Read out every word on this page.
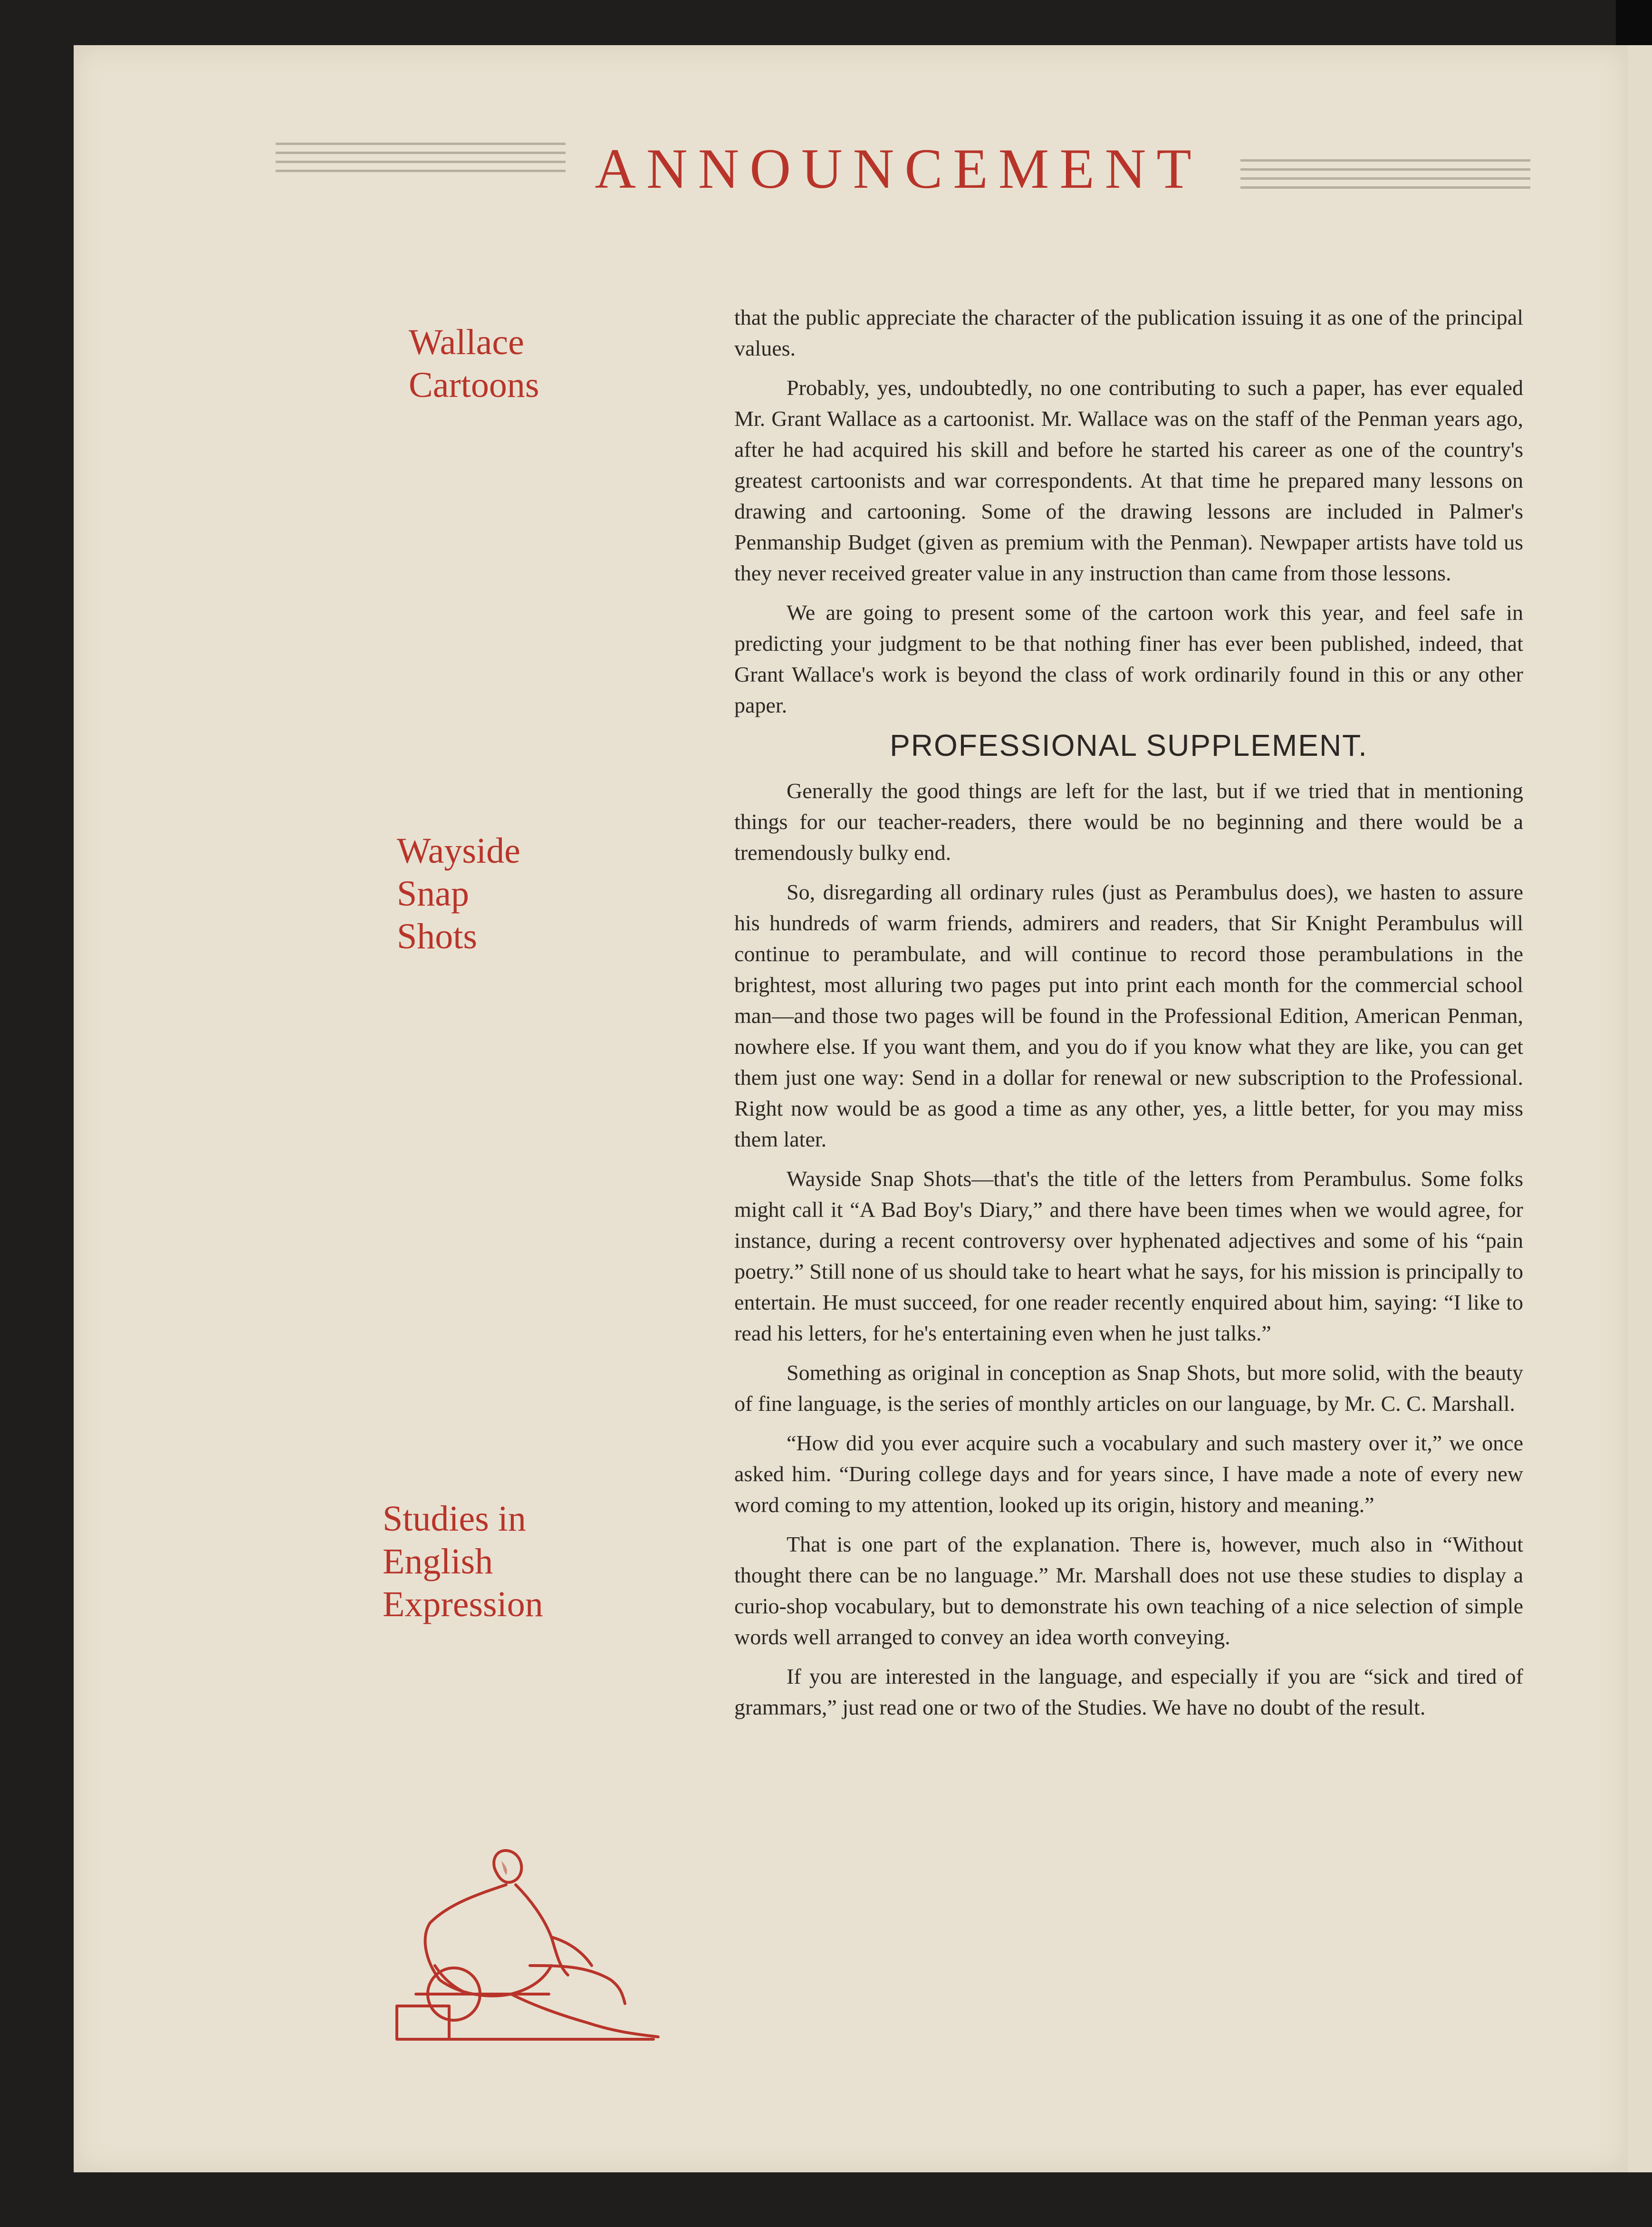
ANNOUNCEMENT
Wallace
Cartoons
Wayside
Snap
Shots
Studies in
English
Expression

that the public appreciate the character of the publication issuing it as one of the principal values.

Probably, yes, undoubtedly, no one contributing to such a paper, has ever equaled Mr. Grant Wallace as a cartoonist. Mr. Wallace was on the staff of the Penman years ago, after he had acquired his skill and before he started his career as one of the country's greatest cartoonists and war correspondents. At that time he prepared many lessons on drawing and cartooning. Some of the drawing lessons are included in Palmer's Penmanship Budget (given as premium with the Penman). Newpaper artists have told us they never received greater value in any instruction than came from those lessons.

We are going to present some of the cartoon work this year, and feel safe in predicting your judgment to be that nothing finer has ever been published, indeed, that Grant Wallace's work is beyond the class of work ordinarily found in this or any other paper.

PROFESSIONAL SUPPLEMENT.

Generally the good things are left for the last, but if we tried that in mentioning things for our teacher-readers, there would be no beginning and there would be a tremendously bulky end.

So, disregarding all ordinary rules (just as Perambulus does), we hasten to assure his hundreds of warm friends, admirers and readers, that Sir Knight Perambulus will continue to perambulate, and will continue to record those perambulations in the brightest, most alluring two pages put into print each month for the commercial school man—and those two pages will be found in the Professional Edition, American Penman, nowhere else. If you want them, and you do if you know what they are like, you can get them just one way: Send in a dollar for renewal or new subscription to the Professional. Right now would be as good a time as any other, yes, a little better, for you may miss them later.

Wayside Snap Shots—that's the title of the letters from Perambulus. Some folks might call it “A Bad Boy's Diary,” and there have been times when we would agree, for instance, during a recent controversy over hyphenated adjectives and some of his “pain poetry.” Still none of us should take to heart what he says, for his mission is principally to entertain. He must succeed, for one reader recently enquired about him, saying: “I like to read his letters, for he's entertaining even when he just talks.”

Something as original in conception as Snap Shots, but more solid, with the beauty of fine language, is the series of monthly articles on our language, by Mr. C. C. Marshall.

“How did you ever acquire such a vocabulary and such mastery over it,” we once asked him. “During college days and for years since, I have made a note of every new word coming to my attention, looked up its origin, history and meaning.”

That is one part of the explanation. There is, however, much also in “Without thought there can be no language.” Mr. Marshall does not use these studies to display a curio-shop vocabulary, but to demonstrate his own teaching of a nice selection of simple words well arranged to convey an idea worth conveying.

If you are interested in the language, and especially if you are “sick and tired of grammars,” just read one or two of the Studies. We have no doubt of the result.
